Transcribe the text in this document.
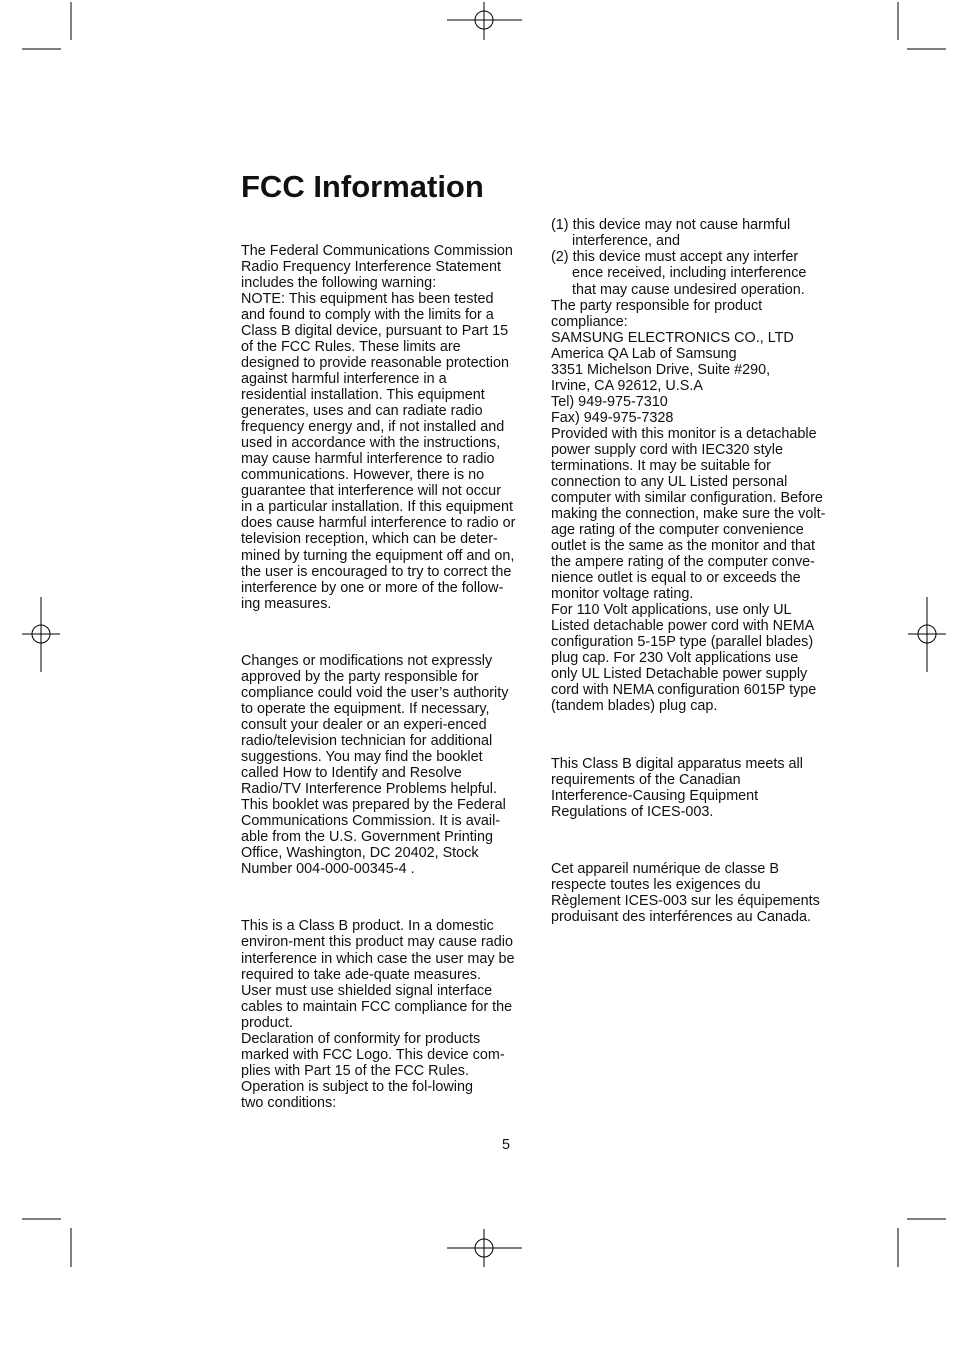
FCC Information
The Federal Communications Commission
Radio Frequency Interference Statement
includes the following warning:
NOTE: This equipment has been tested
and found to comply with the limits for a
Class B digital device, pursuant to Part 15
of the FCC Rules. These limits are
designed to provide reasonable protection
against harmful interference in a
residential installation. This equipment
generates, uses and can radiate radio
frequency energy and, if not installed and
used in accordance with the instructions,
may cause harmful interference to radio
communications. However, there is no
guarantee that interference will not occur
in a particular installation. If this equipment
does cause harmful interference to radio or
television reception, which can be deter-
mined by turning the equipment off and on,
the user is encouraged to try to correct the
interference by one or more of the follow-
ing measures.
Changes or modifications not expressly
approved by the party responsible for
compliance could void the user’s authority
to operate the equipment. If necessary,
consult your dealer or an experi-enced
radio/television technician for additional
suggestions. You may find the booklet
called How to Identify and Resolve
Radio/TV Interference Problems helpful.
This booklet was prepared by the Federal
Communications Commission. It is avail-
able from the U.S. Government Printing
Office, Washington, DC 20402, Stock
Number 004-000-00345-4 .
This is a Class B product. In a domestic
environ-ment this product may cause radio
interference in which case the user may be
required to take ade-quate measures.
User must use shielded signal interface
cables to maintain FCC compliance for the
product.
Declaration of conformity for products
marked with FCC Logo. This device com-
plies with Part 15 of the FCC Rules.
Operation is subject to the fol-lowing
two conditions:
(1) this device may not cause harmful
interference, and
(2) this device must accept any interfer
ence received, including interference
that may cause undesired operation.
The party responsible for product
compliance:
SAMSUNG ELECTRONICS CO., LTD
America QA Lab of Samsung
3351 Michelson Drive, Suite #290,
Irvine, CA 92612, U.S.A
Tel) 949-975-7310
Fax) 949-975-7328
Provided with this monitor is a detachable
power supply cord with IEC320 style
terminations. It may be suitable for
connection to any UL Listed personal
computer with similar configuration. Before
making the connection, make sure the volt-
age rating of the computer convenience
outlet is the same as the monitor and that
the ampere rating of the computer conve-
nience outlet is equal to or exceeds the
monitor voltage rating.
For 110 Volt applications, use only UL
Listed detachable power cord with NEMA
configuration 5-15P type (parallel blades)
plug cap. For 230 Volt applications use
only UL Listed Detachable power supply
cord with NEMA configuration 6015P type
(tandem blades) plug cap.
This Class B digital apparatus meets all
requirements of the Canadian
Interference-Causing Equipment
Regulations of ICES-003.
Cet appareil numérique de classe B
respecte toutes les exigences du
Règlement ICES-003 sur les équipements
produisant des interférences au Canada.
5
